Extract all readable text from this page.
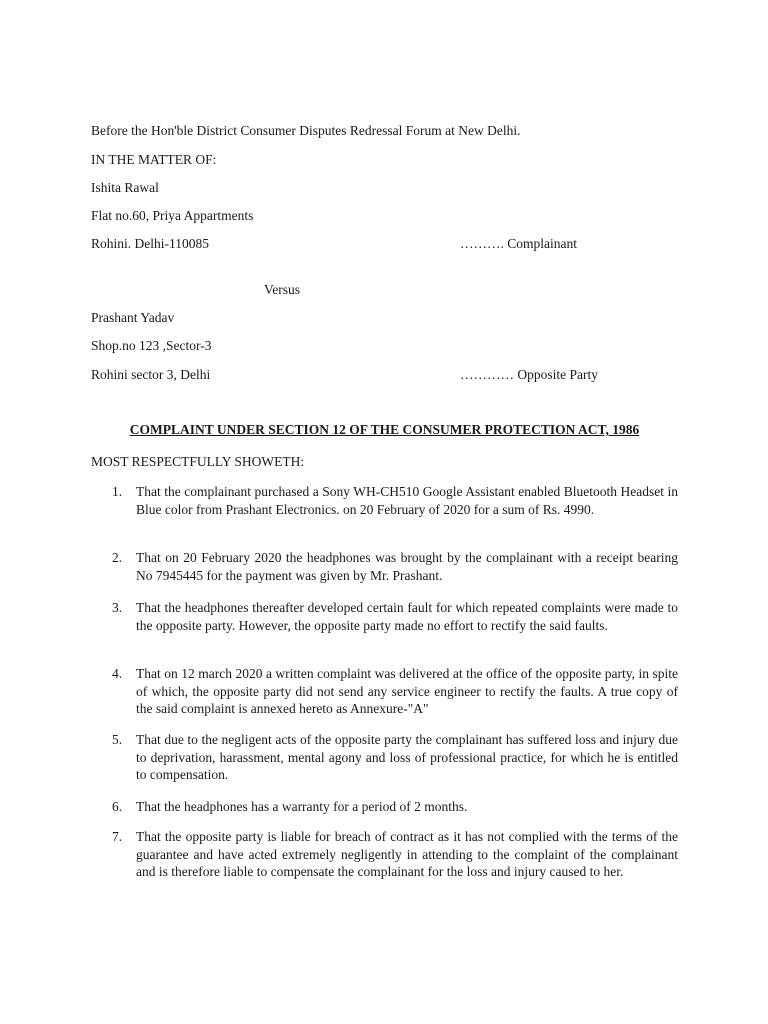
Before the Hon'ble District Consumer Disputes Redressal Forum at New Delhi.
IN THE MATTER OF:
Ishita Rawal
Flat no.60, Priya Appartments
Rohini. Delhi-110085	………. Complainant
Versus
Prashant Yadav
Shop.no 123 ,Sector-3
Rohini sector 3, Delhi	………… Opposite Party
COMPLAINT UNDER SECTION 12 OF THE CONSUMER PROTECTION ACT, 1986
MOST RESPECTFULLY SHOWETH:
1.	That the complainant purchased a Sony WH-CH510 Google Assistant enabled Bluetooth Headset in Blue color from Prashant Electronics. on 20 February of 2020 for a sum of Rs. 4990.
2.	That on 20 February 2020 the headphones was brought by the complainant with a receipt bearing No 7945445 for the payment was given by Mr. Prashant.
3.	That the headphones thereafter developed certain fault for which repeated complaints were made to the opposite party. However, the opposite party made no effort to rectify the said faults.
4.	That on 12 march 2020 a written complaint was delivered at the office of the opposite party, in spite of which, the opposite party did not send any service engineer to rectify the faults. A true copy of the said complaint is annexed hereto as Annexure-"A"
5.	That due to the negligent acts of the opposite party the complainant has suffered loss and injury due to deprivation, harassment, mental agony and loss of professional practice, for which he is entitled to compensation.
6.	That the headphones has a warranty for a period of 2 months.
7.	That the opposite party is liable for breach of contract as it has not complied with the terms of the guarantee and have acted extremely negligently in attending to the complaint of the complainant and is therefore liable to compensate the complainant for the loss and injury caused to her.
